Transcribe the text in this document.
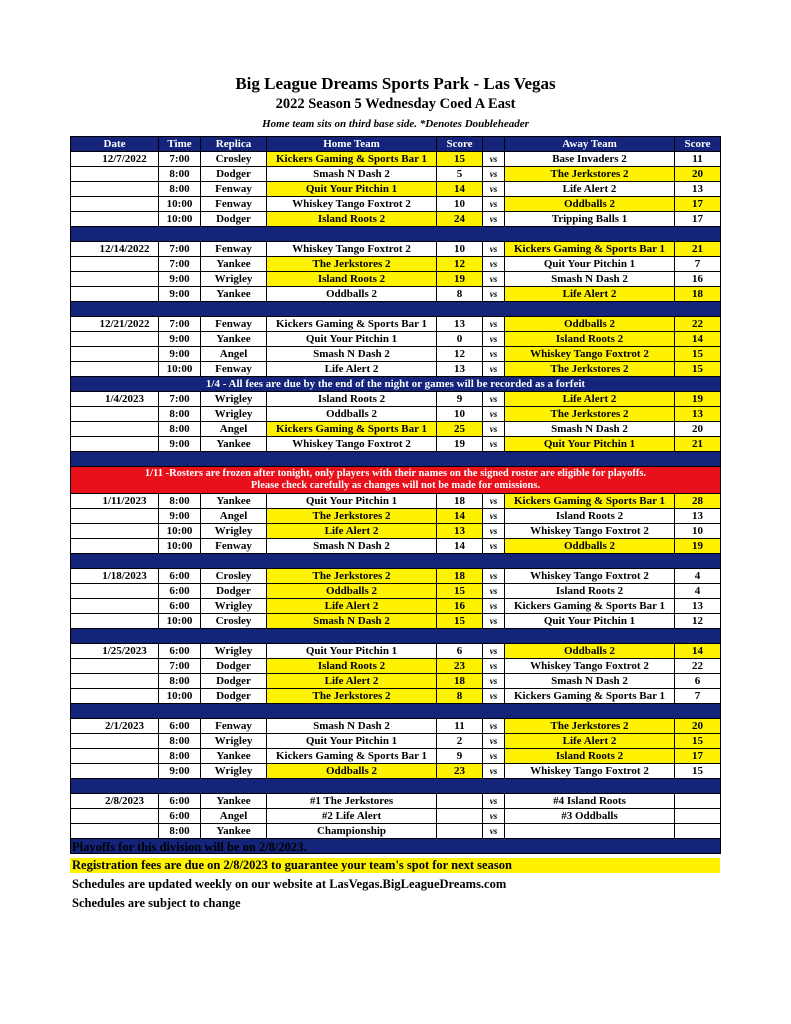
Big League Dreams Sports Park - Las Vegas
2022 Season 5 Wednesday Coed A East
Home team sits on third base side. *Denotes Doubleheader
Date	Time	Replica	Home Team	Score		Away Team	Score
12/7/2022	7:00	Crosley	Kickers Gaming & Sports Bar 1	15	vs	Base Invaders 2	11
	8:00	Dodger	Smash N Dash 2	5	vs	The Jerkstores 2	20
	8:00	Fenway	Quit Your Pitchin 1	14	vs	Life Alert 2	13
	10:00	Fenway	Whiskey Tango Foxtrot 2	10	vs	Oddballs 2	17
	10:00	Dodger	Island Roots 2	24	vs	Tripping Balls 1	17

12/14/2022	7:00	Fenway	Whiskey Tango Foxtrot 2	10	vs	Kickers Gaming & Sports Bar 1	21
	7:00	Yankee	The Jerkstores 2	12	vs	Quit Your Pitchin 1	7
	9:00	Wrigley	Island Roots 2	19	vs	Smash N Dash 2	16
	9:00	Yankee	Oddballs 2	8	vs	Life Alert 2	18

12/21/2022	7:00	Fenway	Kickers Gaming & Sports Bar 1	13	vs	Oddballs 2	22
	9:00	Yankee	Quit Your Pitchin 1	0	vs	Island Roots 2	14
	9:00	Angel	Smash N Dash 2	12	vs	Whiskey Tango Foxtrot 2	15
	10:00	Fenway	Life Alert 2	13	vs	The Jerkstores 2	15
1/4 - All fees are due by the end of the night or games will be recorded as a forfeit							
1/4/2023	7:00	Wrigley	Island Roots 2	9	vs	Life Alert 2	19
	8:00	Wrigley	Oddballs 2	10	vs	The Jerkstores 2	13
	8:00	Angel	Kickers Gaming & Sports Bar 1	25	vs	Smash N Dash 2	20
	9:00	Yankee	Whiskey Tango Foxtrot 2	19	vs	Quit Your Pitchin 1	21

1/11 -Rosters are frozen after tonight, only players with their names on the signed roster are eligible for playoffs.
Please check carefully as changes will not be made for omissions.							

1/11/2023	8:00	Yankee	Quit Your Pitchin 1	18	vs	Kickers Gaming & Sports Bar 1	28
	9:00	Angel	The Jerkstores 2	14	vs	Island Roots 2	13
	10:00	Wrigley	Life Alert 2	13	vs	Whiskey Tango Foxtrot 2	10
	10:00	Fenway	Smash N Dash 2	14	vs	Oddballs 2	19

1/18/2023	6:00	Crosley	The Jerkstores 2	18	vs	Whiskey Tango Foxtrot 2	4
	6:00	Dodger	Oddballs 2	15	vs	Island Roots 2	4
	6:00	Wrigley	Life Alert 2	16	vs	Kickers Gaming & Sports Bar 1	13
	10:00	Crosley	Smash N Dash 2	15	vs	Quit Your Pitchin 1	12

1/25/2023	6:00	Wrigley	Quit Your Pitchin 1	6	vs	Oddballs 2	14
	7:00	Dodger	Island Roots 2	23	vs	Whiskey Tango Foxtrot 2	22
	8:00	Dodger	Life Alert 2	18	vs	Smash N Dash 2	6
	10:00	Dodger	The Jerkstores 2	8	vs	Kickers Gaming & Sports Bar 1	7

2/1/2023	6:00	Fenway	Smash N Dash 2	11	vs	The Jerkstores 2	20
	8:00	Wrigley	Quit Your Pitchin 1	2	vs	Life Alert 2	15
	8:00	Yankee	Kickers Gaming & Sports Bar 1	9	vs	Island Roots 2	17
	9:00	Wrigley	Oddballs 2	23	vs	Whiskey Tango Foxtrot 2	15

2/8/2023	6:00	Yankee	#1 The Jerkstores		vs	#4 Island Roots	
	6:00	Angel	#2 Life Alert		vs	#3 Oddballs	
	8:00	Yankee	Championship		vs		

Playoffs for this division will be on 2/8/2023.
Registration fees are due on 2/8/2023 to guarantee your team's spot for next season
Schedules are updated weekly on our website at LasVegas.BigLeagueDreams.com
Schedules are subject to change
